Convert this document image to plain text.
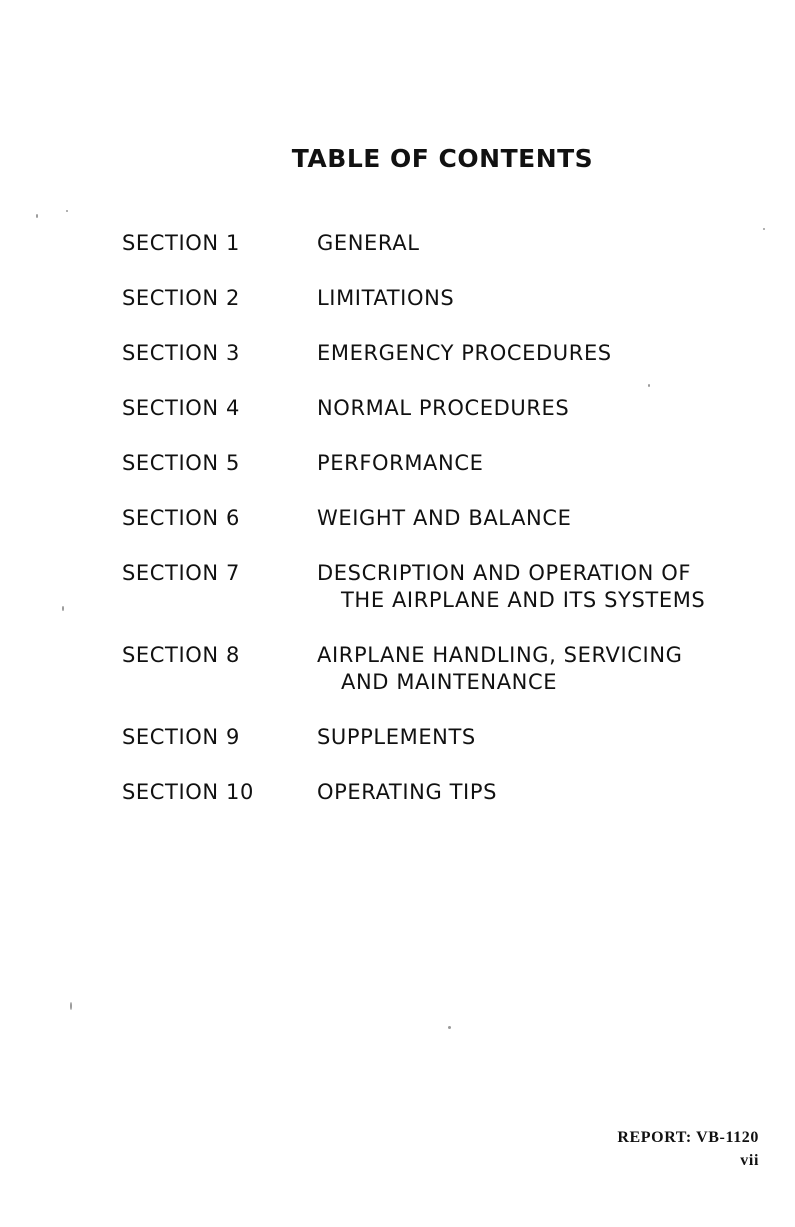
TABLE OF CONTENTS
SECTION 1	GENERAL
SECTION 2	LIMITATIONS
SECTION 3	EMERGENCY PROCEDURES
SECTION 4	NORMAL PROCEDURES
SECTION 5	PERFORMANCE
SECTION 6	WEIGHT AND BALANCE
SECTION 7	DESCRIPTION AND OPERATION OF
THE AIRPLANE AND ITS SYSTEMS
SECTION 8	AIRPLANE HANDLING, SERVICING
AND MAINTENANCE
SECTION 9	SUPPLEMENTS
SECTION 10	OPERATING TIPS
REPORT: VB-1120
vii
